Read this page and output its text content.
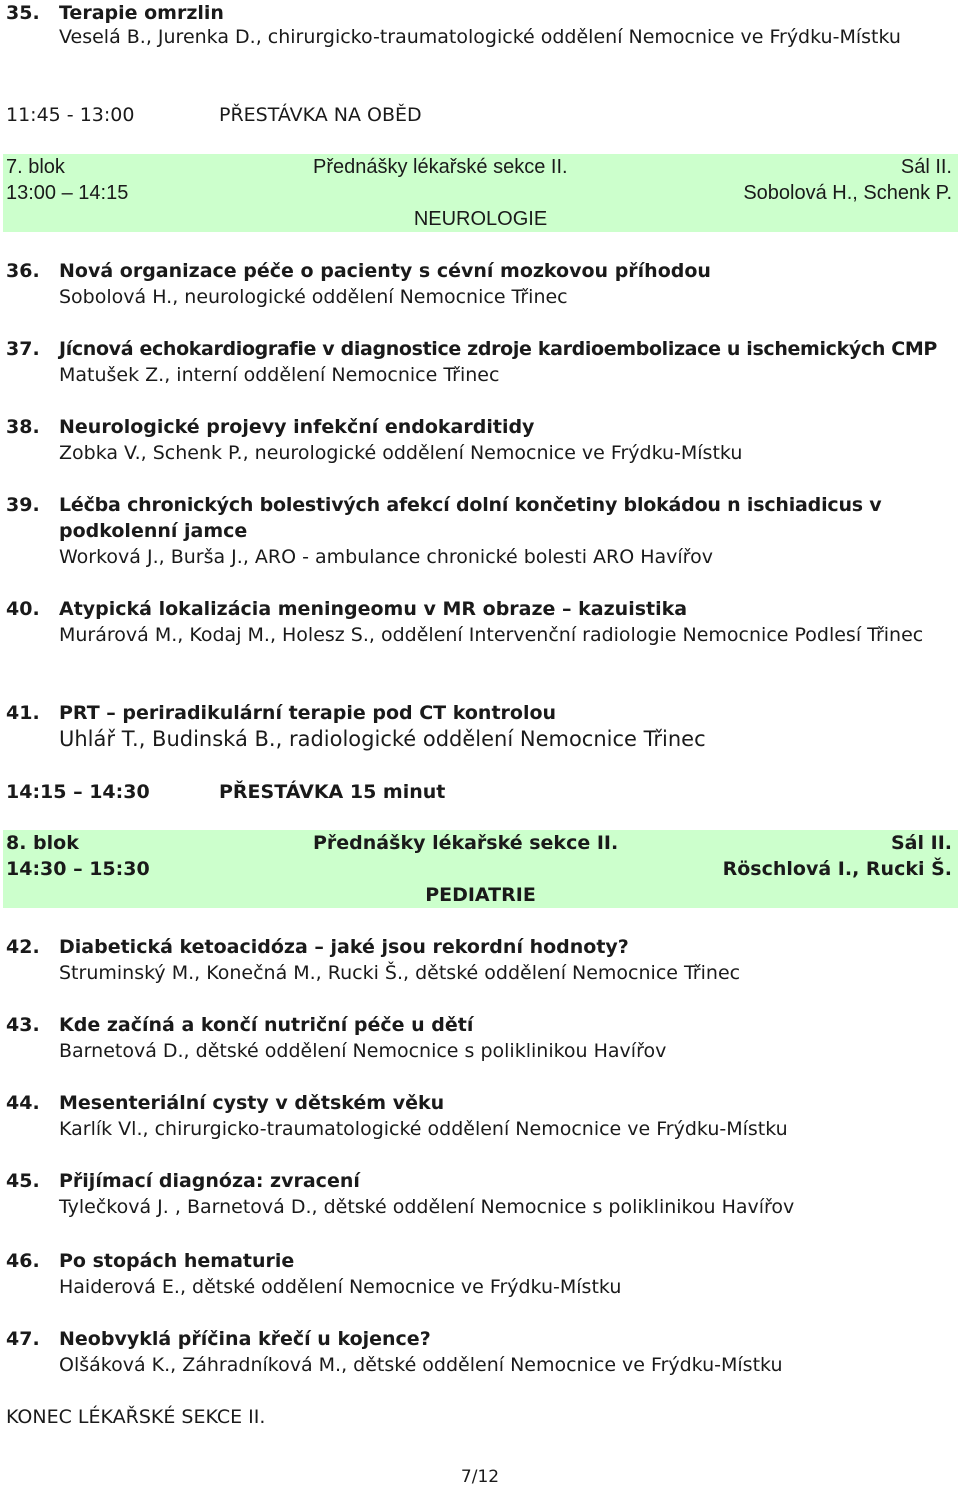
35.	Terapie omrzlin
Veselá B., Jurenka D., chirurgicko-traumatologické oddělení Nemocnice ve Frýdku-Místku
11:45 - 13:00	PŘESTÁVKA NA OBĚD
7. blok	Přednášky lékařské sekce II.	Sál II.
13:00 – 14:15	Sobolová H., Schenk P.
NEUROLOGIE
36.	Nová organizace péče o pacienty s cévní mozkovou příhodou
Sobolová H., neurologické oddělení Nemocnice Třinec
37.	Jícnová echokardiografie v diagnostice zdroje kardioembolizace u ischemických CMP
Matušek Z., interní oddělení Nemocnice Třinec
38.	Neurologické projevy infekční endokarditidy
Zobka V., Schenk P., neurologické oddělení Nemocnice ve Frýdku-Místku
39.	Léčba chronických bolestivých afekcí dolní končetiny blokádou n ischiadicus v
podkolenní jamce
Worková J., Burša J., ARO - ambulance chronické bolesti ARO Havířov
40.	Atypická lokalizácia meningeomu v MR obraze – kazuistika
Murárová M., Kodaj M., Holesz S., oddělení Intervenční radiologie Nemocnice Podlesí Třinec
41.	PRT – periradikulární terapie pod CT kontrolou
Uhlář T., Budinská B., radiologické oddělení Nemocnice Třinec
14:15 – 14:30	PŘESTÁVKA 15 minut
8. blok	Přednášky lékařské sekce II.	Sál II.
14:30 – 15:30	Röschlová I., Rucki Š.
PEDIATRIE
42.	Diabetická ketoacidóza – jaké jsou rekordní hodnoty?
Struminský M., Konečná M., Rucki Š., dětské oddělení Nemocnice Třinec
43.	Kde začíná a končí nutriční péče u dětí
Barnetová D., dětské oddělení Nemocnice s poliklinikou Havířov
44.	Mesenteriální cysty v dětském věku
Karlík Vl., chirurgicko-traumatologické oddělení Nemocnice ve Frýdku-Místku
45.	Přijímací diagnóza: zvracení
Tylečková J. , Barnetová D., dětské oddělení Nemocnice s poliklinikou Havířov
46.	Po stopách hematurie
Haiderová E., dětské oddělení Nemocnice ve Frýdku-Místku
47.	Neobvyklá příčina křečí u kojence?
Olšáková K., Záhradníková M., dětské oddělení Nemocnice ve Frýdku-Místku
KONEC LÉKAŘSKÉ SEKCE II.
7/12
